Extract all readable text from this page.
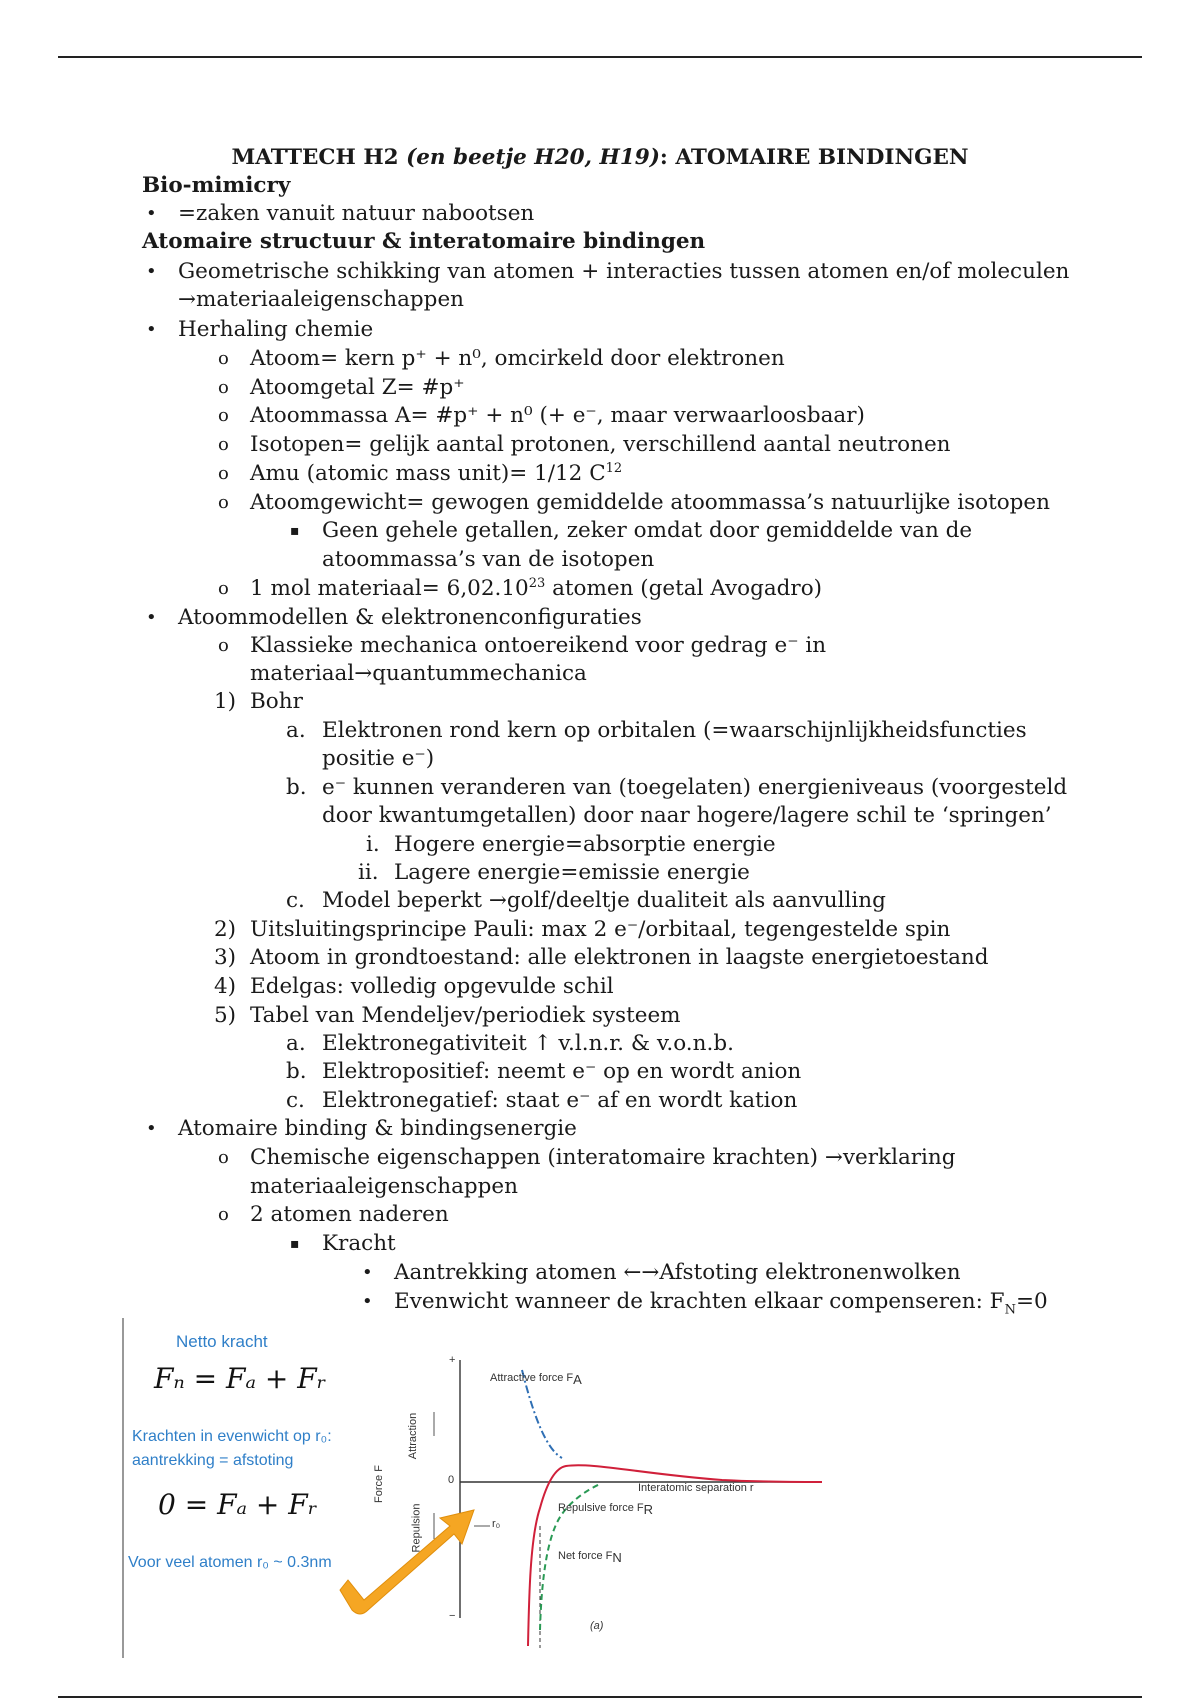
MATTECH H2 (en beetje H20, H19): ATOMAIRE BINDINGEN
Bio-mimicry
• =zaken vanuit natuur nabootsen
Atomaire structuur & interatomaire bindingen
• Geometrische schikking van atomen + interacties tussen atomen en/of moleculen
→materiaaleigenschappen
• Herhaling chemie
o Atoom= kern p⁺ + n⁰, omcirkeld door elektronen
o Atoomgetal Z= #p⁺
o Atoommassa A= #p⁺ + n⁰ (+ e⁻, maar verwaarloosbaar)
o Isotopen= gelijk aantal protonen, verschillend aantal neutronen
o Amu (atomic mass unit)= 1/12 $C^{12}$
o Atoomgewicht= gewogen gemiddelde atoommassa’s natuurlijke isotopen
▪ Geen gehele getallen, zeker omdat door gemiddelde van de
atoommassa’s van de isotopen
o 1 mol materiaal= $6,02.10^{23}$ atomen (getal Avogadro)
• Atoommodellen & elektronenconfiguraties
o Klassieke mechanica ontoereikend voor gedrag e⁻ in
materiaal→quantummechanica
1) Bohr
a. Elektronen rond kern op orbitalen (=waarschijnlijkheidsfuncties
positie e⁻)
b. e⁻ kunnen veranderen van (toegelaten) energieniveaus (voorgesteld
door kwantumgetallen) door naar hogere/lagere schil te ‘springen’
i. Hogere energie=absorptie energie
ii. Lagere energie=emissie energie
c. Model beperkt →golf/deeltje dualiteit als aanvulling
2) Uitsluitingsprincipe Pauli: max 2 e⁻/orbitaal, tegengestelde spin
3) Atoom in grondtoestand: alle elektronen in laagste energietoestand
4) Edelgas: volledig opgevulde schil
5) Tabel van Mendeljev/periodiek systeem
a. Elektronegativiteit ↑ v.l.n.r. & v.o.n.b.
b. Elektropositief: neemt e⁻ op en wordt anion
c. Elektronegatief: staat e⁻ af en wordt kation
• Atomaire binding & bindingsenergie
o Chemische eigenschappen (interatomaire krachten) →verklaring
materiaaleigenschappen
o 2 atomen naderen
▪ Kracht
• Aantrekking atomen ←→Afstoting elektronenwolken
• Evenwicht wanneer de krachten elkaar compenseren: $F_N=0$
Netto kracht
Fₙ = Fₐ + Fᵣ
Krachten in evenwicht op r₀:
aantrekking = afstoting
0 = Fₐ + Fᵣ
Voor veel atomen r₀ ~ 0.3nm
Attractive force $F_A$
Interatomic separation r
Repulsive force $F_R$
Net force $F_N$
r₀
0
+
−
Force F
Attraction
Repulsion
(a)
